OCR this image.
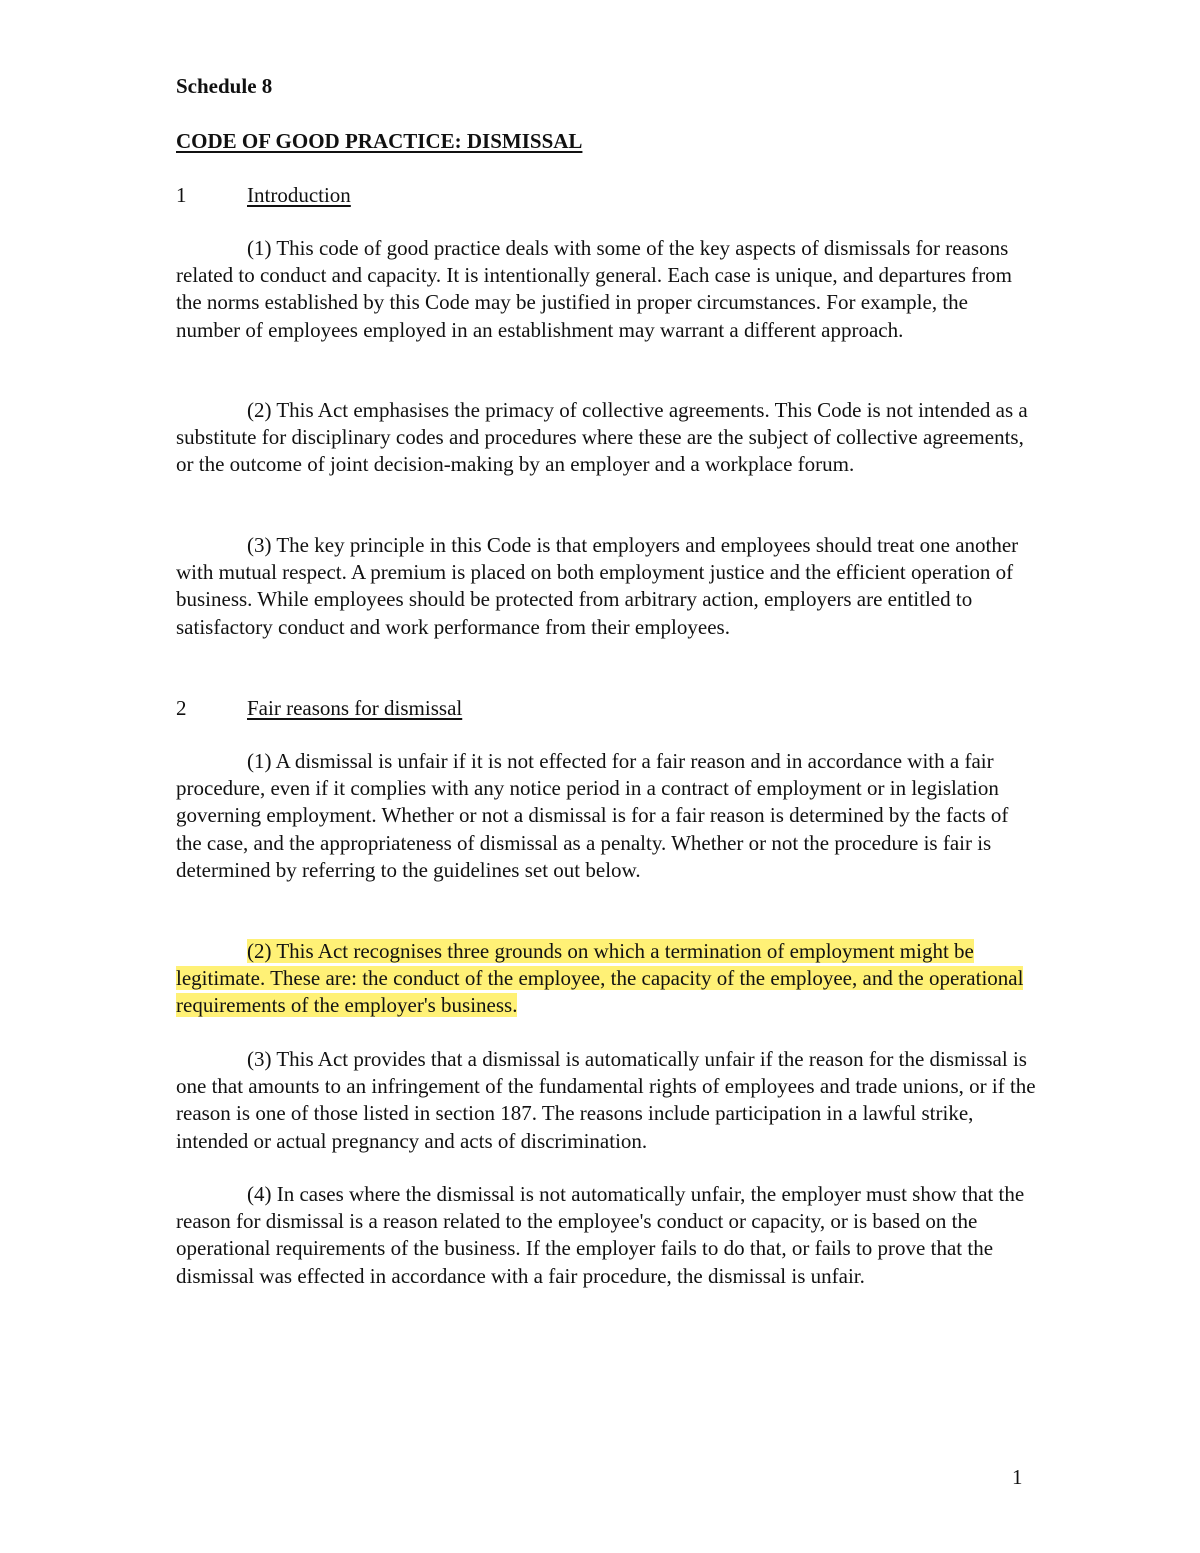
Schedule 8
CODE OF GOOD PRACTICE: DISMISSAL
1	Introduction

(1) This code of good practice deals with some of the key aspects of dismissals for reasons related to conduct and capacity. It is intentionally general. Each case is unique, and departures from the norms established by this Code may be justified in proper circumstances. For example, the number of employees employed in an establishment may warrant a different approach.

(2) This Act emphasises the primacy of collective agreements. This Code is not intended as a substitute for disciplinary codes and procedures where these are the subject of collective agreements, or the outcome of joint decision-making by an employer and a workplace forum.

(3) The key principle in this Code is that employers and employees should treat one another with mutual respect. A premium is placed on both employment justice and the efficient operation of business. While employees should be protected from arbitrary action, employers are entitled to satisfactory conduct and work performance from their employees.

2	Fair reasons for dismissal

(1) A dismissal is unfair if it is not effected for a fair reason and in accordance with a fair procedure, even if it complies with any notice period in a contract of employment or in legislation governing employment. Whether or not a dismissal is for a fair reason is determined by the facts of the case, and the appropriateness of dismissal as a penalty. Whether or not the procedure is fair is determined by referring to the guidelines set out below.

(2) This Act recognises three grounds on which a termination of employment might be legitimate. These are: the conduct of the employee, the capacity of the employee, and the operational requirements of the employer's business.

(3) This Act provides that a dismissal is automatically unfair if the reason for the dismissal is one that amounts to an infringement of the fundamental rights of employees and trade unions, or if the reason is one of those listed in section 187. The reasons include participation in a lawful strike, intended or actual pregnancy and acts of discrimination.

(4) In cases where the dismissal is not automatically unfair, the employer must show that the reason for dismissal is a reason related to the employee's conduct or capacity, or is based on the operational requirements of the business. If the employer fails to do that, or fails to prove that the dismissal was effected in accordance with a fair procedure, the dismissal is unfair.

1
